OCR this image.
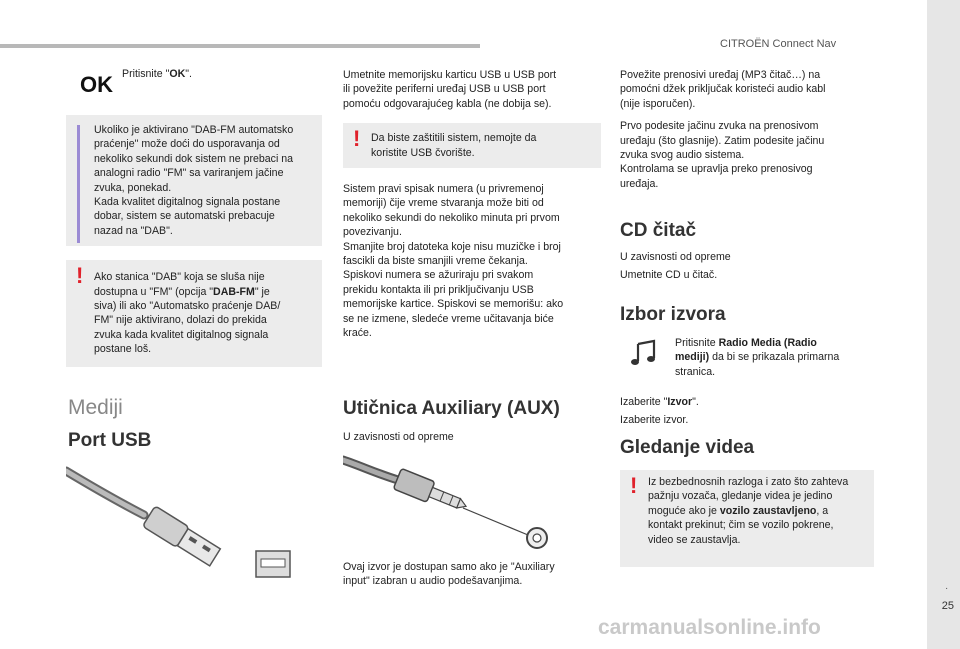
CITROËN Connect Nav
.
25
carmanualsonline.info
OK Pritisnite "OK".
Ukoliko je aktivirano "DAB-FM automatsko
praćenje" može doći do usporavanja od
nekoliko sekundi dok sistem ne prebaci na
analogni radio "FM" sa variranjem jačine
zvuka, ponekad.
Kada kvalitet digitalnog signala postane
dobar, sistem se automatski prebacuje
nazad na "DAB".
! Ako stanica "DAB" koja se sluša nije
dostupna u "FM" (opcija "DAB-FM" je
siva) ili ako "Automatsko praćenje DAB/
FM" nije aktivirano, dolazi do prekida
zvuka kada kvalitet digitalnog signala
postane loš.
Mediji
Port USB
Umetnite memorijsku karticu USB u USB port
ili povežite periferni uređaj USB u USB port
pomoću odgovarajućeg kabla (ne dobija se).
! Da biste zaštitili sistem, nemojte da
koristite USB čvorište.
Sistem pravi spisak numera (u privremenoj
memoriji) čije vreme stvaranja može biti od
nekoliko sekundi do nekoliko minuta pri prvom
povezivanju.
Smanjite broj datoteka koje nisu muzičke i broj
fascikli da biste smanjili vreme čekanja.
Spiskovi numera se ažuriraju pri svakom
prekidu kontakta ili pri priključivanju USB
memorijske kartice. Spiskovi se memorišu: ako
se ne izmene, sledeće vreme učitavanja biće
kraće.
Utičnica Auxiliary (AUX)
U zavisnosti od opreme
Ovaj izvor je dostupan samo ako je "Auxiliary
input" izabran u audio podešavanjima.
Povežite prenosivi uređaj (MP3 čitač…) na
pomoćni džek priključak koristeći audio kabl
(nije isporučen).
Prvo podesite jačinu zvuka na prenosivom
uređaju (što glasnije). Zatim podesite jačinu
zvuka svog audio sistema.
Kontrolama se upravlja preko prenosivog
uređaja.
CD čitač
U zavisnosti od opreme
Umetnite CD u čitač.
Izbor izvora
Pritisnite Radio Media (Radio
mediji) da bi se prikazala primarna
stranica.
Izaberite "Izvor".
Izaberite izvor.
Gledanje videa
! Iz bezbednosnih razloga i zato što zahteva
pažnju vozača, gledanje videa je jedino
moguće ako je vozilo zaustavljeno, a
kontakt prekinut; čim se vozilo pokrene,
video se zaustavlja.
